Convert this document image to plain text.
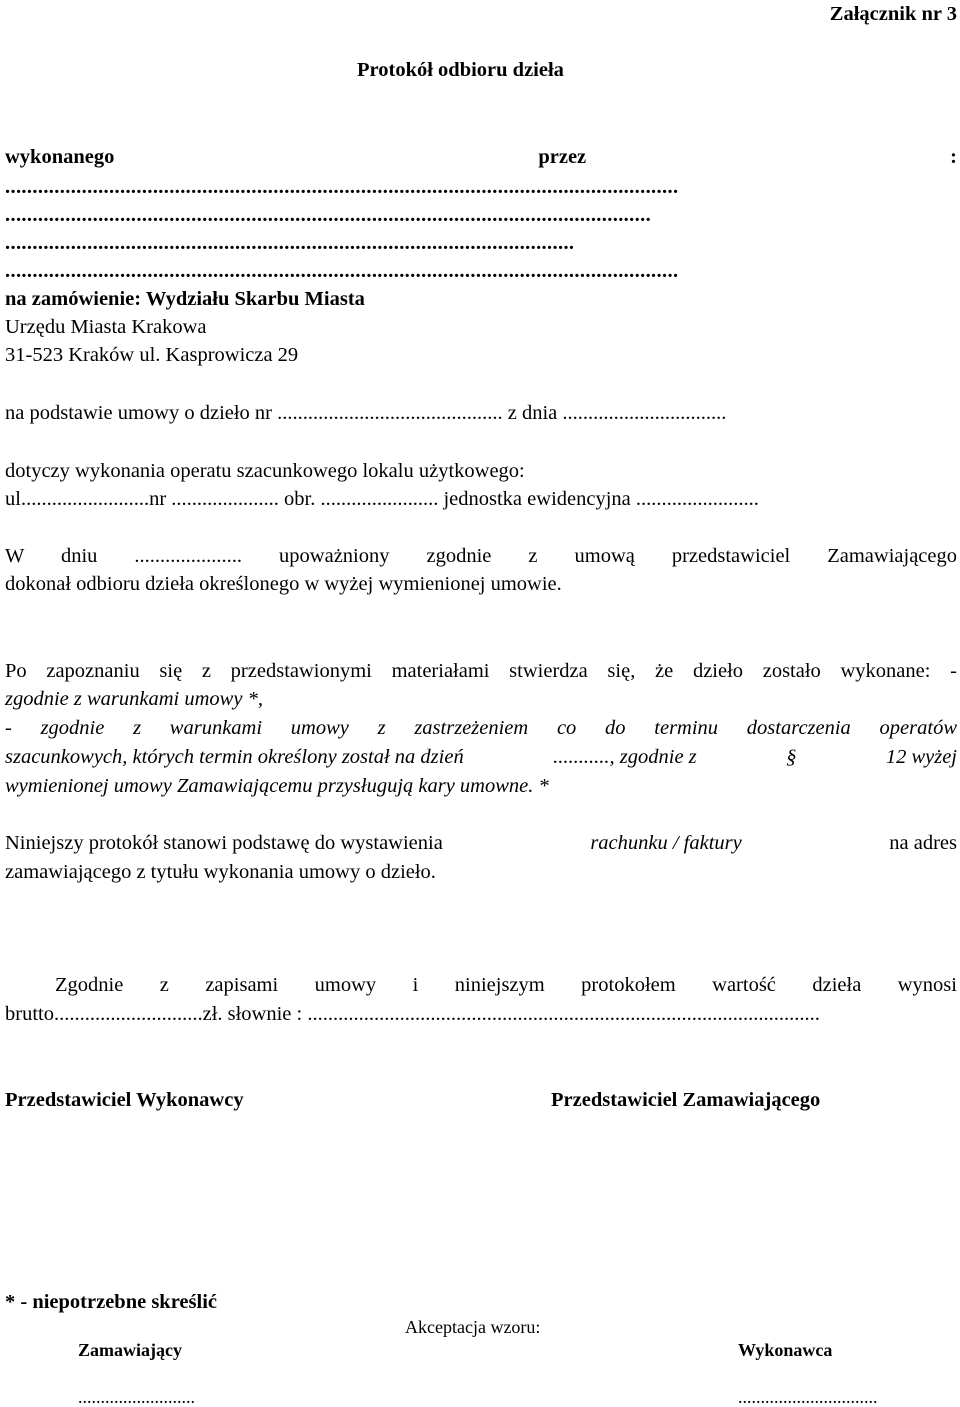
Załącznik nr 3
Protokół odbioru dzieła
wykonanego	przez	:
...........................................................................................................................
......................................................................................................................
........................................................................................................
...........................................................................................................................
na zamówienie: Wydziału Skarbu Miasta
Urzędu Miasta Krakowa
31-523 Kraków ul. Kasprowicza 29
na podstawie umowy o dzieło nr ............................................ z dnia ................................
dotyczy wykonania operatu szacunkowego lokalu użytkowego:
ul.........................nr ..................... obr. ....................... jednostka ewidencyjna ........................
W dniu ..................... upoważniony zgodnie z umową przedstawiciel Zamawiającego
dokonał odbioru dzieła określonego w wyżej wymienionej umowie.
Po zapoznaniu się z przedstawionymi materiałami stwierdza się, że dzieło zostało wykonane: -
zgodnie z warunkami umowy *,
- zgodnie z warunkami umowy z zastrzeżeniem co do terminu dostarczenia operatów
szacunkowych, których termin określony został na dzień	..........., zgodnie z	§	12 wyżej
wymienionej umowy Zamawiającemu przysługują kary umowne. *
Niniejszy protokół stanowi podstawę do wystawienia	rachunku / faktury	na adres
zamawiającego z tytułu wykonania umowy o dzieło.
Zgodnie z zapisami umowy i niniejszym protokołem wartość dzieła wynosi
brutto.............................zł. słownie : ....................................................................................................
Przedstawiciel Wykonawcy	Przedstawiciel Zamawiającego
* - niepotrzebne skreślić
Akceptacja wzoru:
Zamawiający	Wykonawca
..........................	...............................
